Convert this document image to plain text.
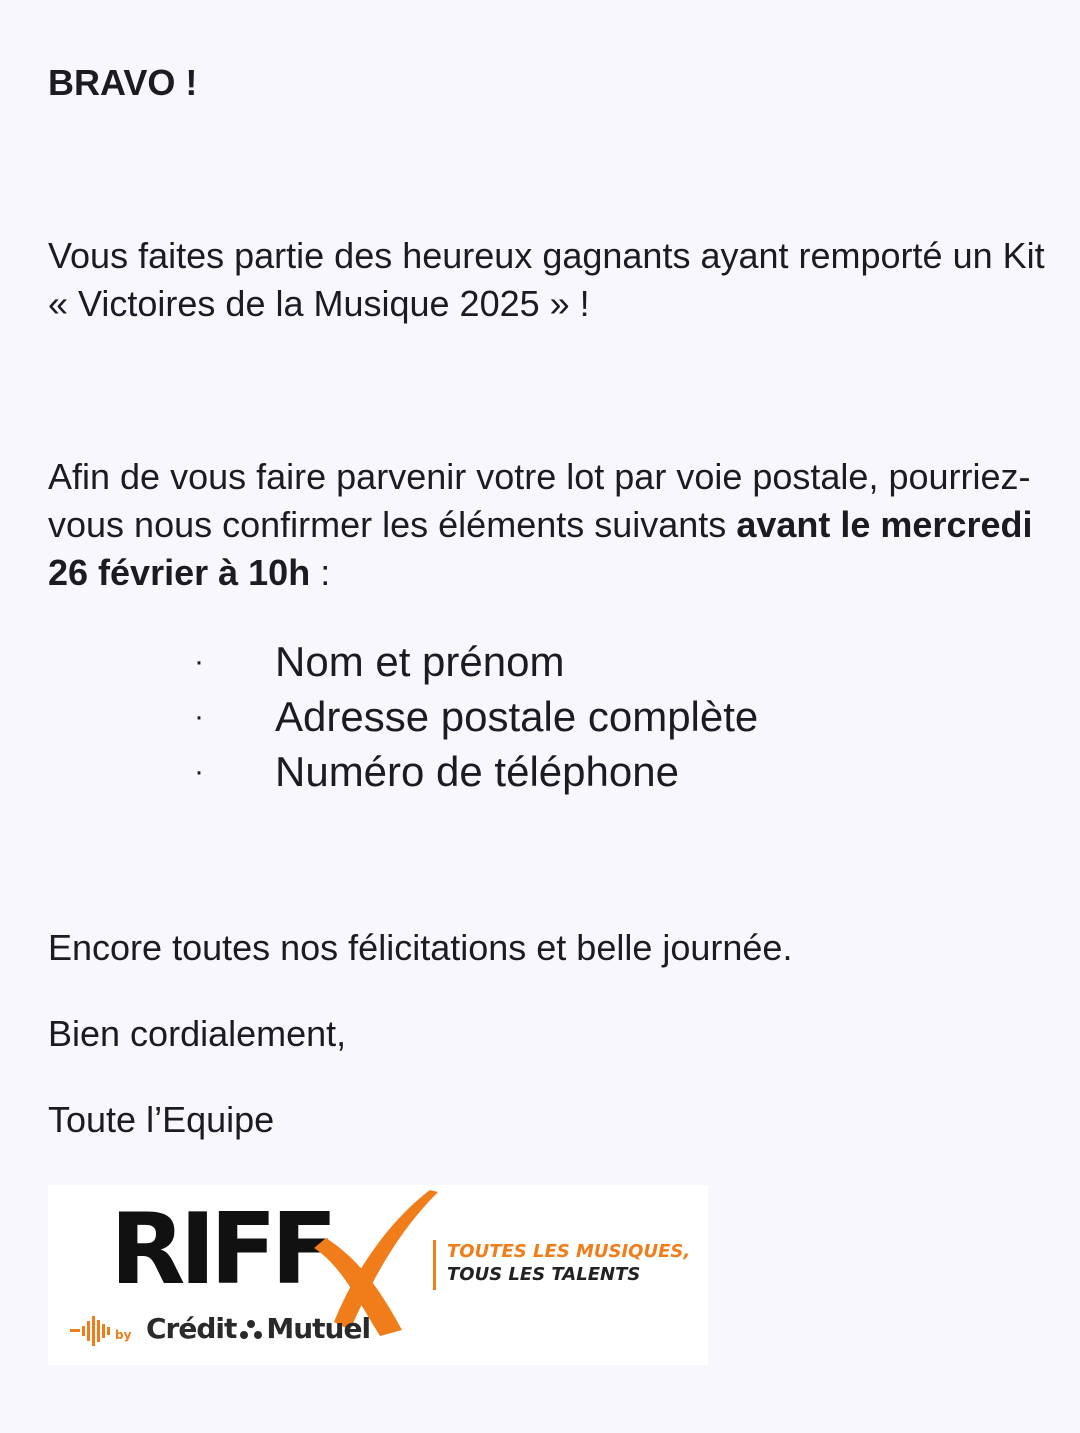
BRAVO !

Vous faites partie des heureux gagnants ayant remporté un Kit « Victoires de la Musique 2025 » !

Afin de vous faire parvenir votre lot par voie postale, pourriez-vous nous confirmer les éléments suivants avant le mercredi 26 février à 10h :

· Nom et prénom
· Adresse postale complète
· Numéro de téléphone

Encore toutes nos félicitations et belle journée.

Bien cordialement,

Toute l’Equipe

RIFF	TOUTES LES MUSIQUES,
TOUS LES TALENTS
by Crédit Mutuel
